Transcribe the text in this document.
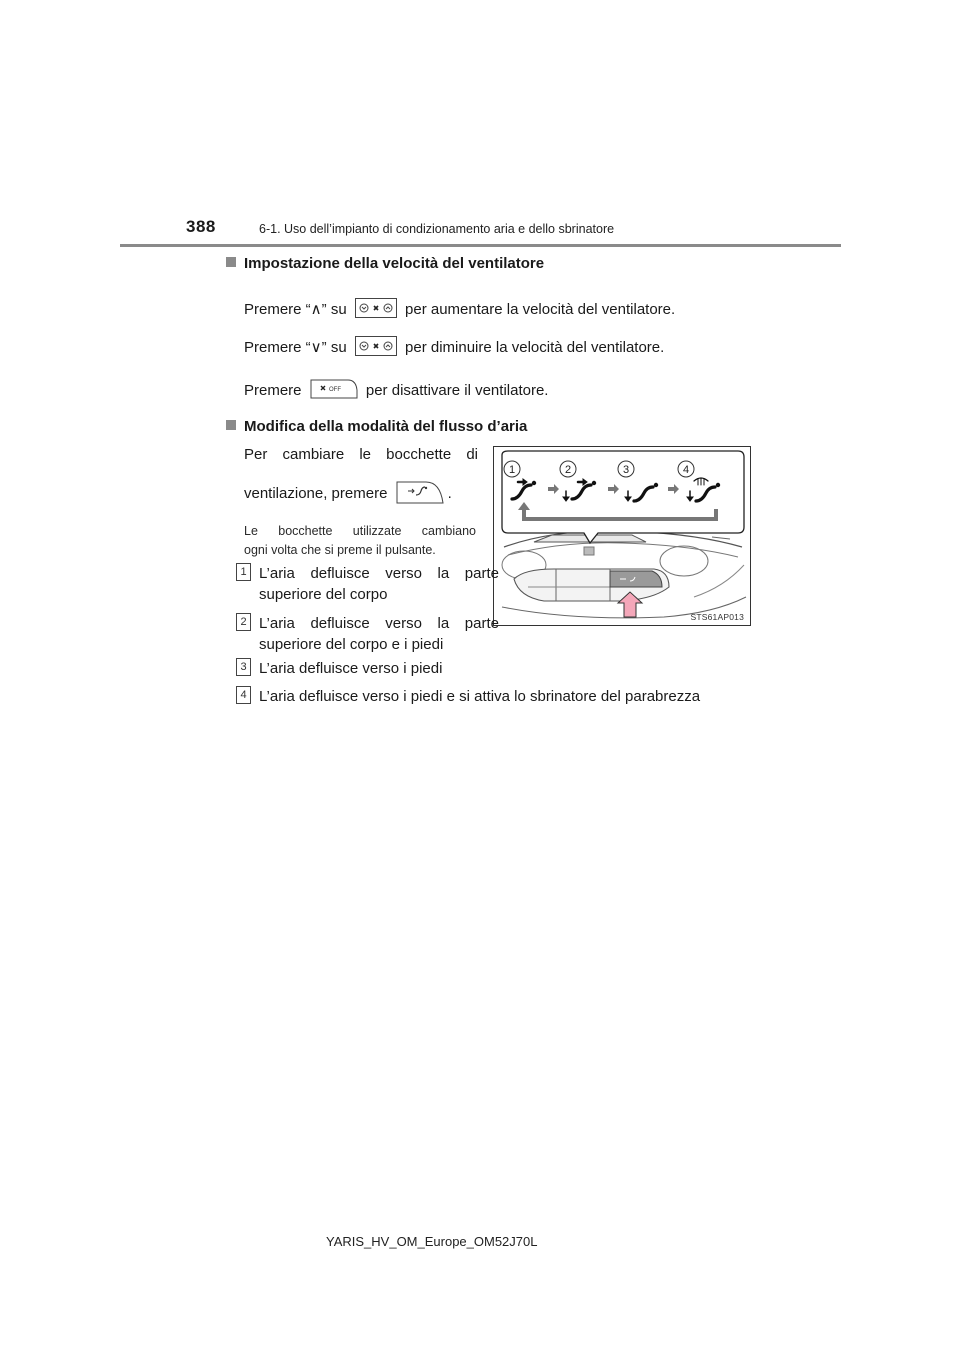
388	6-1. Uso dell’impianto di condizionamento aria e dello sbrinatore
Impostazione della velocità del ventilatore
Premere “∧” su	per aumentare la velocità del ventilatore.
Premere “∨” su	per diminuire la velocità del ventilatore.
Premere	OFF per disattivare il ventilatore.
Modifica della modalità del flusso d’aria
Per cambiare le bocchette di
ventilazione, premere	.
Le bocchette utilizzate cambiano
ogni volta che si preme il pulsante.
1	2	3	4
STS61AP013
1 L’aria defluisce verso la parte
superiore del corpo
2 L’aria defluisce verso la parte
superiore del corpo e i piedi
3 L’aria defluisce verso i piedi
4 L’aria defluisce verso i piedi e si attiva lo sbrinatore del parabrezza
YARIS_HV_OM_Europe_OM52J70L
